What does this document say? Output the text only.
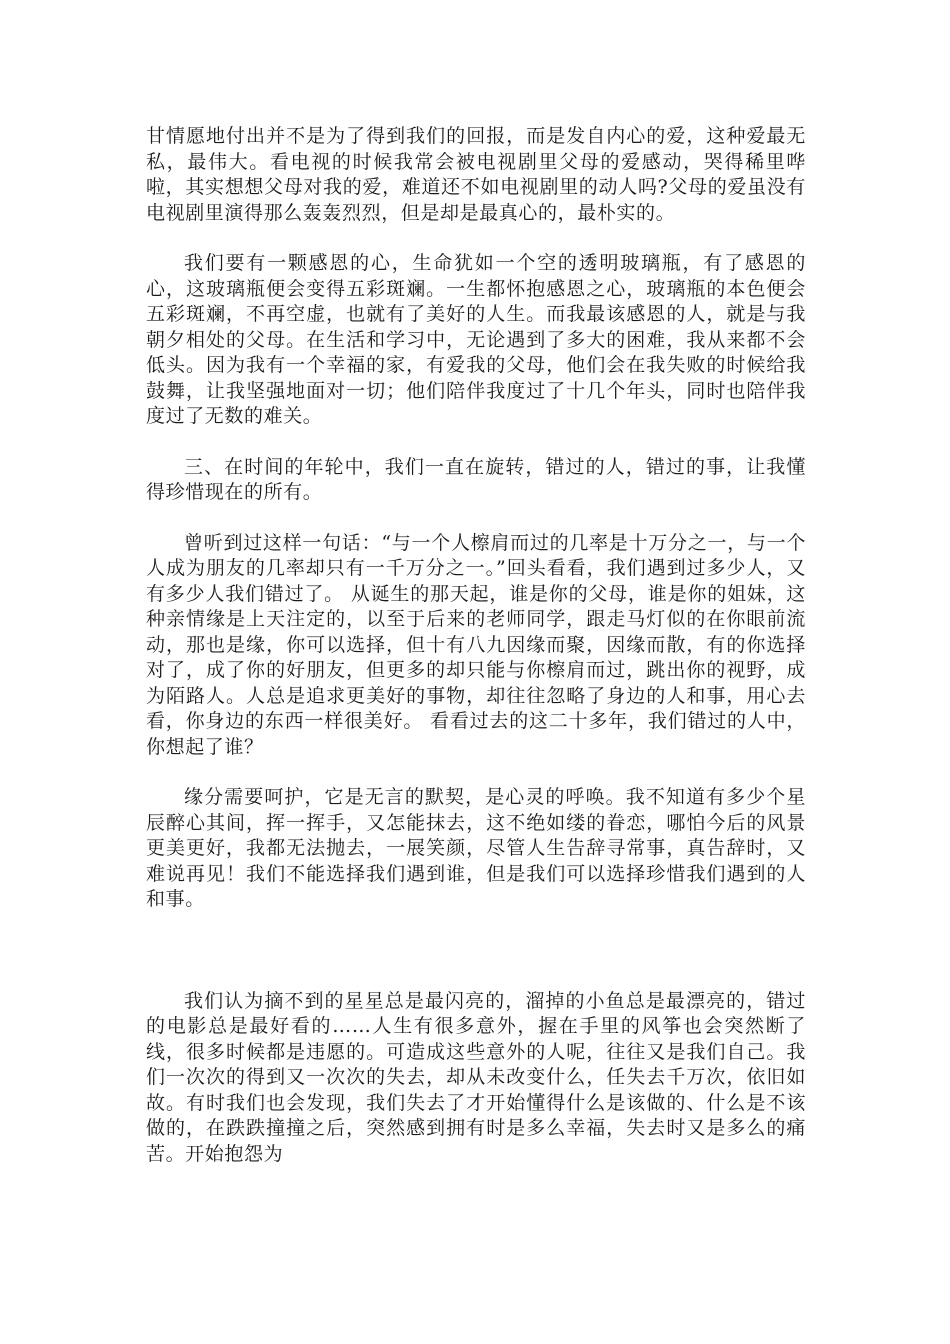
甘情愿地付出并不是为了得到我们的回报，而是发自内心的爱，这种爱最无私，最伟大。看电视的时候我常会被电视剧里父母的爱感动，哭得稀里哗啦，其实想想父母对我的爱，难道还不如电视剧里的动人吗?父母的爱虽没有电视剧里演得那么轰轰烈烈，但是却是最真心的，最朴实的。

我们要有一颗感恩的心，生命犹如一个空的透明玻璃瓶，有了感恩的心，这玻璃瓶便会变得五彩斑斓。一生都怀抱感恩之心，玻璃瓶的本色便会五彩斑斓，不再空虚，也就有了美好的人生。而我最该感恩的人，就是与我朝夕相处的父母。在生活和学习中，无论遇到了多大的困难，我从来都不会低头。因为我有一个幸福的家，有爱我的父母，他们会在我失败的时候给我鼓舞，让我坚强地面对一切；他们陪伴我度过了十几个年头，同时也陪伴我度过了无数的难关。

三、在时间的年轮中，我们一直在旋转，错过的人，错过的事，让我懂得珍惜现在的所有。

曾听到过这样一句话：“与一个人檫肩而过的几率是十万分之一，与一个人成为朋友的几率却只有一千万分之一。”回头看看，我们遇到过多少人，又有多少人我们错过了。 从诞生的那天起，谁是你的父母，谁是你的姐妹，这种亲情缘是上天注定的，以至于后来的老师同学，跟走马灯似的在你眼前流动，那也是缘，你可以选择，但十有八九因缘而聚，因缘而散，有的你选择对了，成了你的好朋友，但更多的却只能与你檫肩而过，跳出你的视野，成为陌路人。人总是追求更美好的事物，却往往忽略了身边的人和事，用心去看，你身边的东西一样很美好。 看看过去的这二十多年，我们错过的人中，你想起了谁？

缘分需要呵护，它是无言的默契，是心灵的呼唤。我不知道有多少个星辰醉心其间，挥一挥手，又怎能抹去，这不绝如缕的眷恋，哪怕今后的风景更美更好，我都无法抛去，一展笑颜，尽管人生告辞寻常事，真告辞时，又难说再见！我们不能选择我们遇到谁，但是我们可以选择珍惜我们遇到的人和事。

我们认为摘不到的星星总是最闪亮的，溜掉的小鱼总是最漂亮的，错过的电影总是最好看的……人生有很多意外，握在手里的风筝也会突然断了线，很多时候都是违愿的。可造成这些意外的人呢，往往又是我们自己。我们一次次的得到又一次次的失去，却从未改变什么，任失去千万次，依旧如故。有时我们也会发现，我们失去了才开始懂得什么是该做的、什么是不该做的，在跌跌撞撞之后，突然感到拥有时是多么幸福，失去时又是多么的痛苦。开始抱怨为
